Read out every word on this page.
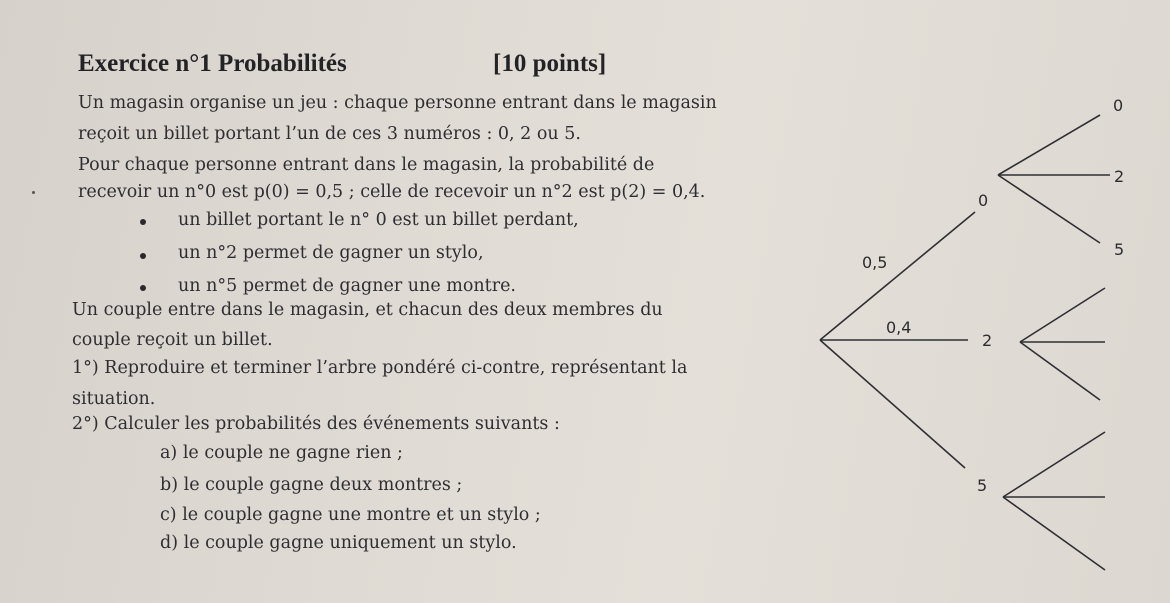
Exercice n°1 Probabilités	[10 points]
Un magasin organise un jeu : chaque personne entrant dans le magasin
reçoit un billet portant l’un de ces 3 numéros : 0, 2 ou 5.
Pour chaque personne entrant dans le magasin, la probabilité de
recevoir un n°0 est p(0) = 0,5 ; celle de recevoir un n°2 est p(2) = 0,4.
un billet portant le n° 0 est un billet perdant,
un n°2 permet de gagner un stylo,
un n°5 permet de gagner une montre.
Un couple entre dans le magasin, et chacun des deux membres du
couple reçoit un billet.
1°) Reproduire et terminer l’arbre pondéré ci-contre, représentant la
situation.
2°) Calculer les probabilités des événements suivants :
a) le couple ne gagne rien ;
b) le couple gagne deux montres ;
c) le couple gagne une montre et un stylo ;
d) le couple gagne uniquement un stylo.
0
2
5
0,5
0,4
0
2
5
